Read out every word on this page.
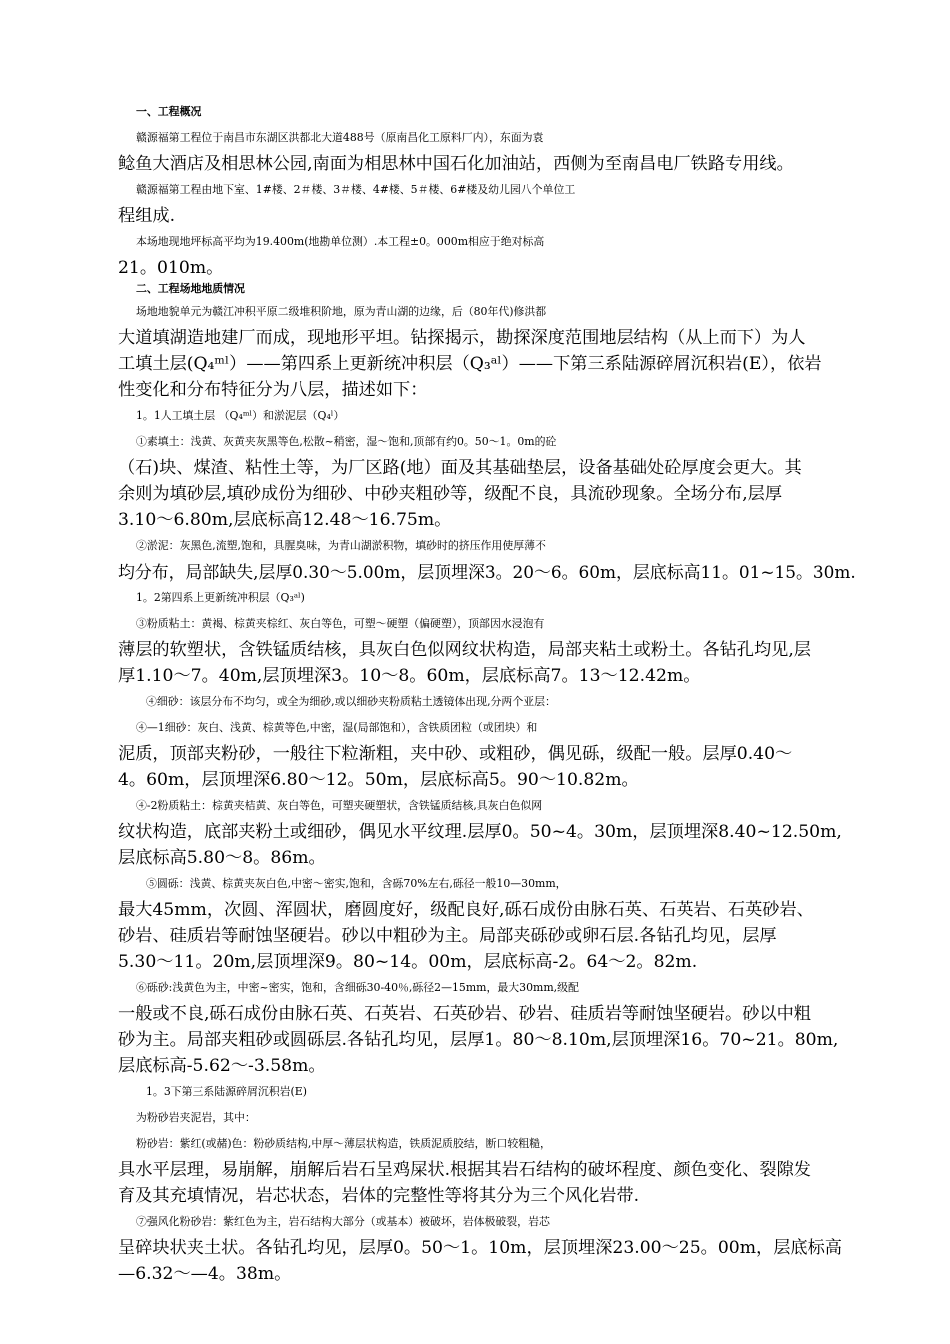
一、工程概况
赣源福第工程位于南昌市东湖区洪都北大道488号（原南昌化工原料厂内），东面为袁
鲶鱼大酒店及相思林公园,南面为相思林中国石化加油站，西侧为至南昌电厂铁路专用线。
赣源福第工程由地下室、1#楼、2＃楼、3＃楼、4#楼、5＃楼、6#楼及幼儿园八个单位工
程组成.
本场地现地坪标高平均为19.400m(地勘单位测）.本工程±0。000m相应于绝对标高
21。010m。
二、工程场地地质情况
场地地貌单元为赣江冲积平原二级堆积阶地，原为青山湖的边缘，后（80年代)修洪都
大道填湖造地建厂而成，现地形平坦。钻探揭示，勘探深度范围地层结构（从上而下）为人
工填土层(Q₄ᵐˡ）——第四系上更新统冲积层（Q₃ᵃˡ）——下第三系陆源碎屑沉积岩(E），依岩
性变化和分布特征分为八层，描述如下：
1。1人工填土层 （Q₄ᵐˡ）和淤泥层（Q₄ˡ）
①素填土：浅黄、灰黄夹灰黑等色,松散~稍密，湿～饱和,顶部有约0。50～1。0m的砼
（石)块、煤渣、粘性土等，为厂区路(地）面及其基础垫层，设备基础处砼厚度会更大。其
余则为填砂层,填砂成份为细砂、中砂夹粗砂等，级配不良，具流砂现象。全场分布,层厚
3.10～6.80m,层底标高12.48～16.75m。
②淤泥：灰黑色,流塑,饱和，具腥臭味，为青山湖淤积物，填砂时的挤压作用使厚薄不
均分布，局部缺失,层厚0.30～5.00m，层顶埋深3。20～6。60m，层底标高11。01~15。30m.
1。2第四系上更新统冲积层（Q₃ᵃˡ)
③粉质粘土：黄褐、棕黄夹棕红、灰白等色，可塑～硬塑（偏硬塑），顶部因水浸泡有
薄层的软塑状，含铁锰质结核，具灰白色似网纹状构造，局部夹粘土或粉土。各钻孔均见,层
厚1.10～7。40m,层顶埋深3。10～8。60m，层底标高7。13～12.42m。
④细砂：该层分布不均匀，或全为细砂,或以细砂夹粉质粘土透镜体出现,分两个亚层：
④—1细砂：灰白、浅黄、棕黄等色,中密，湿(局部饱和），含铁质团粒（或团块）和
泥质，顶部夹粉砂，一般往下粒渐粗，夹中砂、或粗砂，偶见砾，级配一般。层厚0.40～
4。60m，层顶埋深6.80～12。50m，层底标高5。90～10.82m。
④-2粉质粘土：棕黄夹桔黄、灰白等色，可塑夹硬塑状，含铁锰质结核,具灰白色似网
纹状构造，底部夹粉土或细砂，偶见水平纹理.层厚0。50~4。30m，层顶埋深8.40~12.50m,
层底标高5.80～8。86m。
⑤圆砾：浅黄、棕黄夹灰白色,中密～密实,饱和，含砾70%左右,砾径一般10—30mm，
最大45mm，次圆、浑圆状，磨圆度好，级配良好,砾石成份由脉石英、石英岩、石英砂岩、
砂岩、硅质岩等耐蚀坚硬岩。砂以中粗砂为主。局部夹砾砂或卵石层.各钻孔均见，层厚
5.30～11。20m,层顶埋深9。80~14。00m，层底标高-2。64～2。82m.
⑥砾砂:浅黄色为主，中密~密实，饱和，含细砾30-40％,砾径2—15mm，最大30mm,级配
一般或不良,砾石成份由脉石英、石英岩、石英砂岩、砂岩、硅质岩等耐蚀坚硬岩。砂以中粗
砂为主。局部夹粗砂或圆砾层.各钻孔均见，层厚1。80～8.10m,层顶埋深16。70~21。80m,
层底标高-5.62～-3.58m。
1。3下第三系陆源碎屑沉积岩(E)
为粉砂岩夹泥岩，其中：
粉砂岩：紫红(或赭)色：粉砂质结构,中厚～薄层状构造，铁质泥质胶结，断口较粗糙，
具水平层理，易崩解，崩解后岩石呈鸡屎状.根据其岩石结构的破坏程度、颜色变化、裂隙发
育及其充填情况，岩芯状态，岩体的完整性等将其分为三个风化岩带.
⑦强风化粉砂岩：紫红色为主，岩石结构大部分（或基本）被破坏，岩体极破裂，岩芯
呈碎块状夹土状。各钻孔均见，层厚0。50～1。10m，层顶埋深23.00～25。00m，层底标高
—6.32～—4。38m。
